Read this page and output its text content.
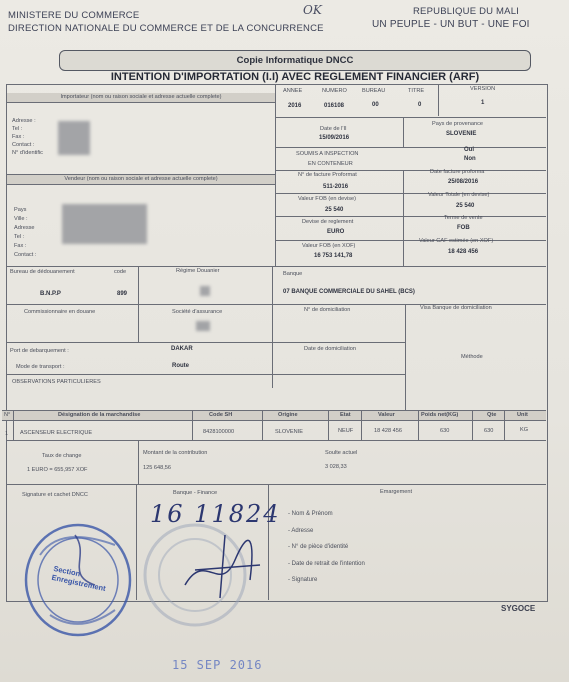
MINISTERE DU COMMERCE
DIRECTION NATIONALE DU COMMERCE ET DE LA CONCURRENCE
REPUBLIQUE DU MALI
UN PEUPLE - UN BUT - UNE FOI
OK
Copie Informatique DNCC
INTENTION D'IMPORTATION (I.I) AVEC REGLEMENT FINANCIER (ARF)
Importateur (nom ou raison sociale et adresse actuelle complete)
Adresse :
Tel :
Fax :
Contact :
N° d'identific
ANNEE	NUMERO	BUREAU	TITRE	VERSION
2016	016108	00	0	1
Date de l'II
15/09/2016
Pays de provenance
SLOVENIE
SOUMIS A INSPECTION
EN CONTENEUR
Oui
Non
Vendeur (nom ou raison sociale et adresse actuelle complete)
Pays
Ville :
Adresse
Tel :
Fax :
Contact :
N° de facture Proformat
511-2016
Date facture proforma
25/08/2016
Valeur FOB (en devise)
25 540
Valeur Totale (en devise)
25 540
Devise de reglement
EURO
Terme de vente
FOB
Valeur FOB (en XOF)
16 753 141,78
Valeur CAF estimée (en XOF)
18 428 456
Bureau de dédouanement	code
B.N.P.P	899
Régime Douanier	Banque
07 BANQUE COMMERCIALE DU SAHEL (BCS)
Commissionnaire en douane	Société d'assurance	N° de domiciliation	Visa Banque de domiciliation
Port de debarquement :	DAKAR
Mode de transport :	Route
Date de domiciliation
Méthode
OBSERVATIONS PARTICULIERES
N°	Désignation de la marchandise	Code SH	Origine	Etat	Valeur	Poids net(KG)	Qte	Unit
1 ASCENSEUR ELECTRIQUE	8428100000	SLOVENIE	NEUF	18 428 456	630	630	KG
Taux de change
1 EURO = 655,957 XOF
Montant de la contribution
125 648,56
Soulte actuel
3 028,33
Signature et cachet DNCC	Banque - Finance	Emargement
- Nom & Prénom
- Adresse
- N° de pièce d'identité
- Date de retrait de l'intention
- Signature
Section Enregistrement
16 11824
SYGOCE
15 SEP 2016
